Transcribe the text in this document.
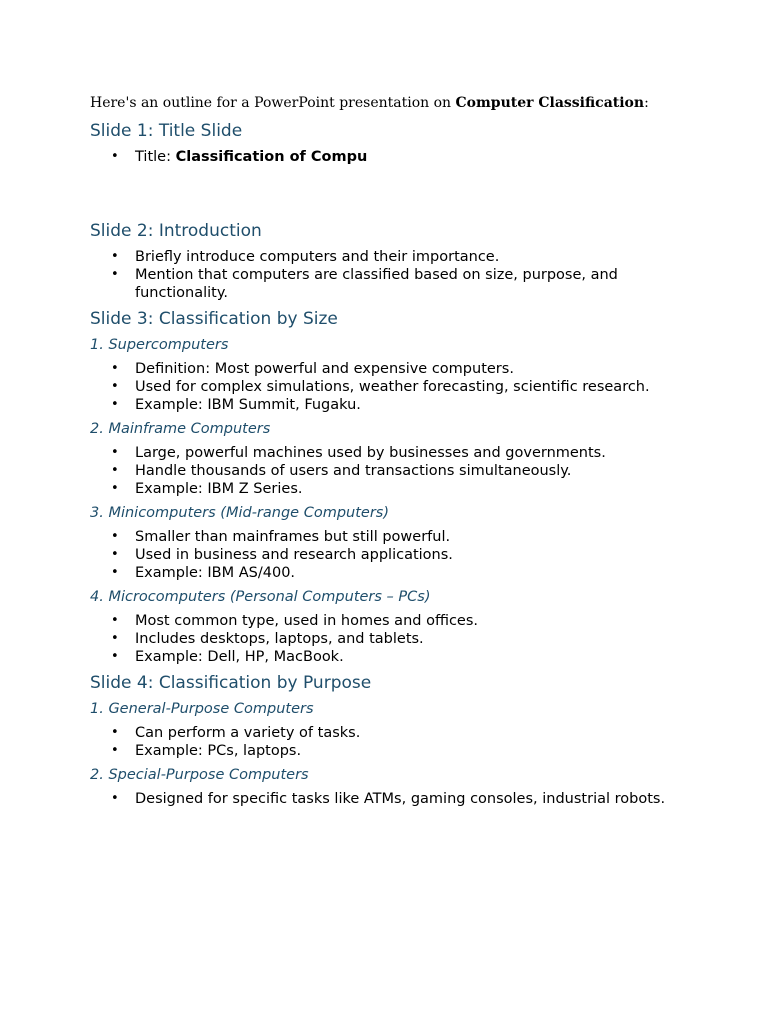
Here's an outline for a PowerPoint presentation on Computer Classification:

Slide 1: Title Slide
• Title: Classification of Compu
Slide 2: Introduction
• Briefly introduce computers and their importance.
• Mention that computers are classified based on size, purpose, and functionality.
Slide 3: Classification by Size
1. Supercomputers
• Definition: Most powerful and expensive computers.
• Used for complex simulations, weather forecasting, scientific research.
• Example: IBM Summit, Fugaku.
2. Mainframe Computers
• Large, powerful machines used by businesses and governments.
• Handle thousands of users and transactions simultaneously.
• Example: IBM Z Series.
3. Minicomputers (Mid-range Computers)
• Smaller than mainframes but still powerful.
• Used in business and research applications.
• Example: IBM AS/400.
4. Microcomputers (Personal Computers – PCs)
• Most common type, used in homes and offices.
• Includes desktops, laptops, and tablets.
• Example: Dell, HP, MacBook.
Slide 4: Classification by Purpose
1. General-Purpose Computers
• Can perform a variety of tasks.
• Example: PCs, laptops.
2. Special-Purpose Computers
• Designed for specific tasks like ATMs, gaming consoles, industrial robots.
